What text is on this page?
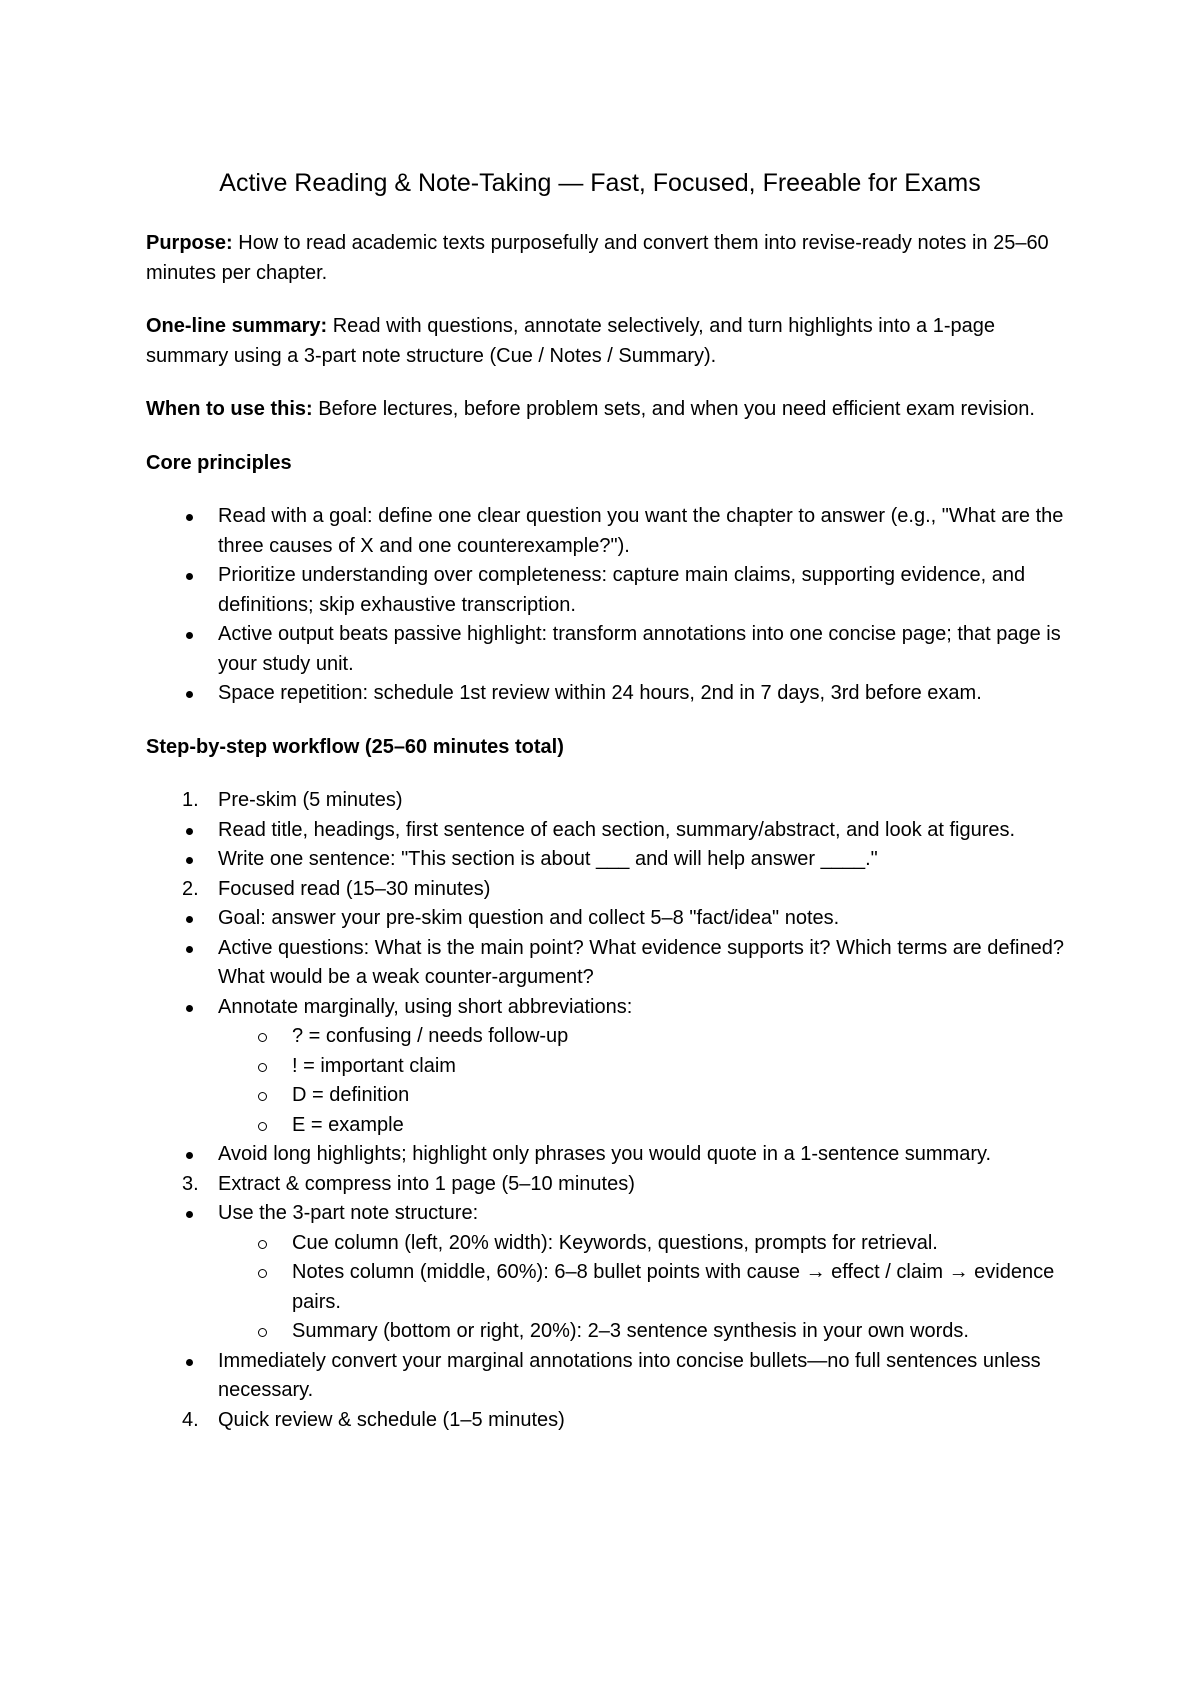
Active Reading & Note-Taking — Fast, Focused, Freeable for Exams

Purpose: How to read academic texts purposefully and convert them into revise-ready notes in 25–60 minutes per chapter.

One-line summary: Read with questions, annotate selectively, and turn highlights into a 1-page summary using a 3-part note structure (Cue / Notes / Summary).

When to use this: Before lectures, before problem sets, and when you need efficient exam revision.

Core principles

Read with a goal: define one clear question you want the chapter to answer (e.g., "What are the three causes of X and one counterexample?").
Prioritize understanding over completeness: capture main claims, supporting evidence, and definitions; skip exhaustive transcription.
Active output beats passive highlight: transform annotations into one concise page; that page is your study unit.
Space repetition: schedule 1st review within 24 hours, 2nd in 7 days, 3rd before exam.

Step-by-step workflow (25–60 minutes total)

1. Pre-skim (5 minutes)
Read title, headings, first sentence of each section, summary/abstract, and look at figures.
Write one sentence: "This section is about ___ and will help answer ____."
2. Focused read (15–30 minutes)
Goal: answer your pre-skim question and collect 5–8 "fact/idea" notes.
Active questions: What is the main point? What evidence supports it? Which terms are defined? What would be a weak counter-argument?
Annotate marginally, using short abbreviations:
? = confusing / needs follow-up
! = important claim
D = definition
E = example
Avoid long highlights; highlight only phrases you would quote in a 1-sentence summary.
3. Extract & compress into 1 page (5–10 minutes)
Use the 3-part note structure:
Cue column (left, 20% width): Keywords, questions, prompts for retrieval.
Notes column (middle, 60%): 6–8 bullet points with cause → effect / claim → evidence pairs.
Summary (bottom or right, 20%): 2–3 sentence synthesis in your own words.
Immediately convert your marginal annotations into concise bullets—no full sentences unless necessary.
4. Quick review & schedule (1–5 minutes)
